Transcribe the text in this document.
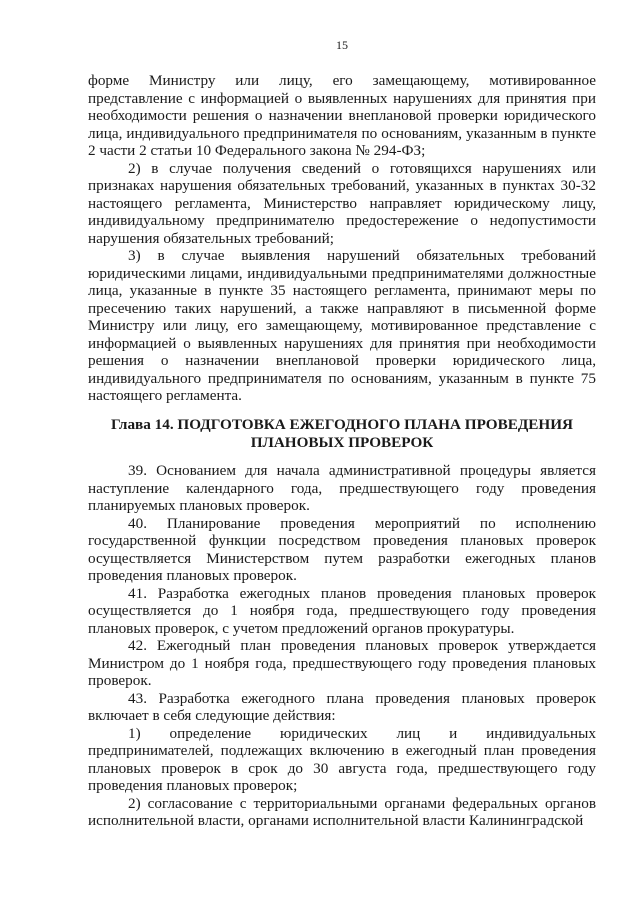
15

форме Министру или лицу, его замещающему, мотивированное представление с информацией о выявленных нарушениях для принятия при необходимости решения о назначении внеплановой проверки юридического лица, индивидуального предпринимателя по основаниям, указанным в пункте 2 части 2 статьи 10 Федерального закона № 294-ФЗ;

2) в случае получения сведений о готовящихся нарушениях или признаках нарушения обязательных требований, указанных в пунктах 30-32 настоящего регламента, Министерство направляет юридическому лицу, индивидуальному предпринимателю предостережение о недопустимости нарушения обязательных требований;

3) в случае выявления нарушений обязательных требований юридическими лицами, индивидуальными предпринимателями должностные лица, указанные в пункте 35 настоящего регламента, принимают меры по пресечению таких нарушений, а также направляют в письменной форме Министру или лицу, его замещающему, мотивированное представление с информацией о выявленных нарушениях для принятия при необходимости решения о назначении внеплановой проверки юридического лица, индивидуального предпринимателя по основаниям, указанным в пункте 75 настоящего регламента.

Глава 14. ПОДГОТОВКА ЕЖЕГОДНОГО ПЛАНА ПРОВЕДЕНИЯ ПЛАНОВЫХ ПРОВЕРОК

39. Основанием для начала административной процедуры является наступление календарного года, предшествующего году проведения планируемых плановых проверок.

40. Планирование проведения мероприятий по исполнению государственной функции посредством проведения плановых проверок осуществляется Министерством путем разработки ежегодных планов проведения плановых проверок.

41. Разработка ежегодных планов проведения плановых проверок осуществляется до 1 ноября года, предшествующего году проведения плановых проверок, с учетом предложений органов прокуратуры.

42. Ежегодный план проведения плановых проверок утверждается Министром до 1 ноября года, предшествующего году проведения плановых проверок.

43. Разработка ежегодного плана проведения плановых проверок включает в себя следующие действия:

1) определение юридических лиц и индивидуальных предпринимателей, подлежащих включению в ежегодный план проведения плановых проверок в срок до 30 августа года, предшествующего году проведения плановых проверок;

2) согласование с территориальными органами федеральных органов исполнительной власти, органами исполнительной власти Калининградской
